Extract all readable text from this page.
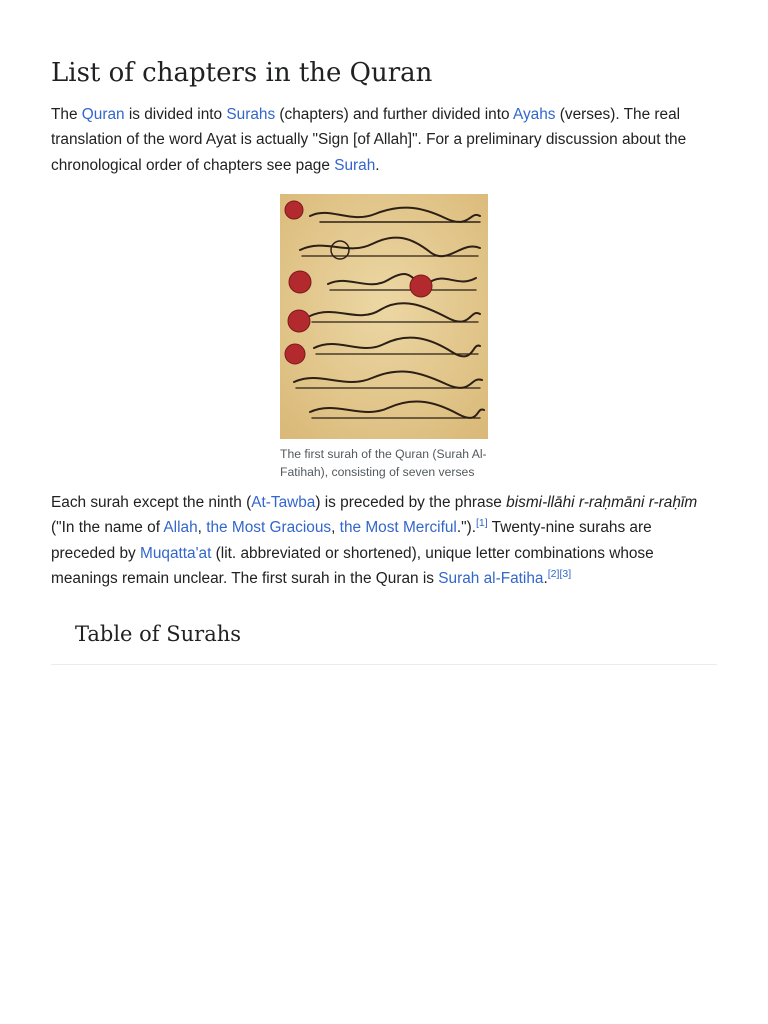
List of chapters in the Quran

The Quran is divided into Surahs (chapters) and further divided into Ayahs (verses). The real translation of the word Ayat is actually "Sign [of Allah]". For a preliminary discussion about the chronological order of chapters see page Surah.

The first surah of the Quran (Surah Al-Fatihah), consisting of seven verses

Each surah except the ninth (At-Tawba) is preceded by the phrase bismi-llāhi r-raḥmāni r-raḥīm ("In the name of Allah, the Most Gracious, the Most Merciful.").[1] Twenty-nine surahs are preceded by Muqatta'at (lit. abbreviated or shortened), unique letter combinations whose meanings remain unclear. The first surah in the Quran is Surah al-Fatiha.[2][3]

Table of Surahs
